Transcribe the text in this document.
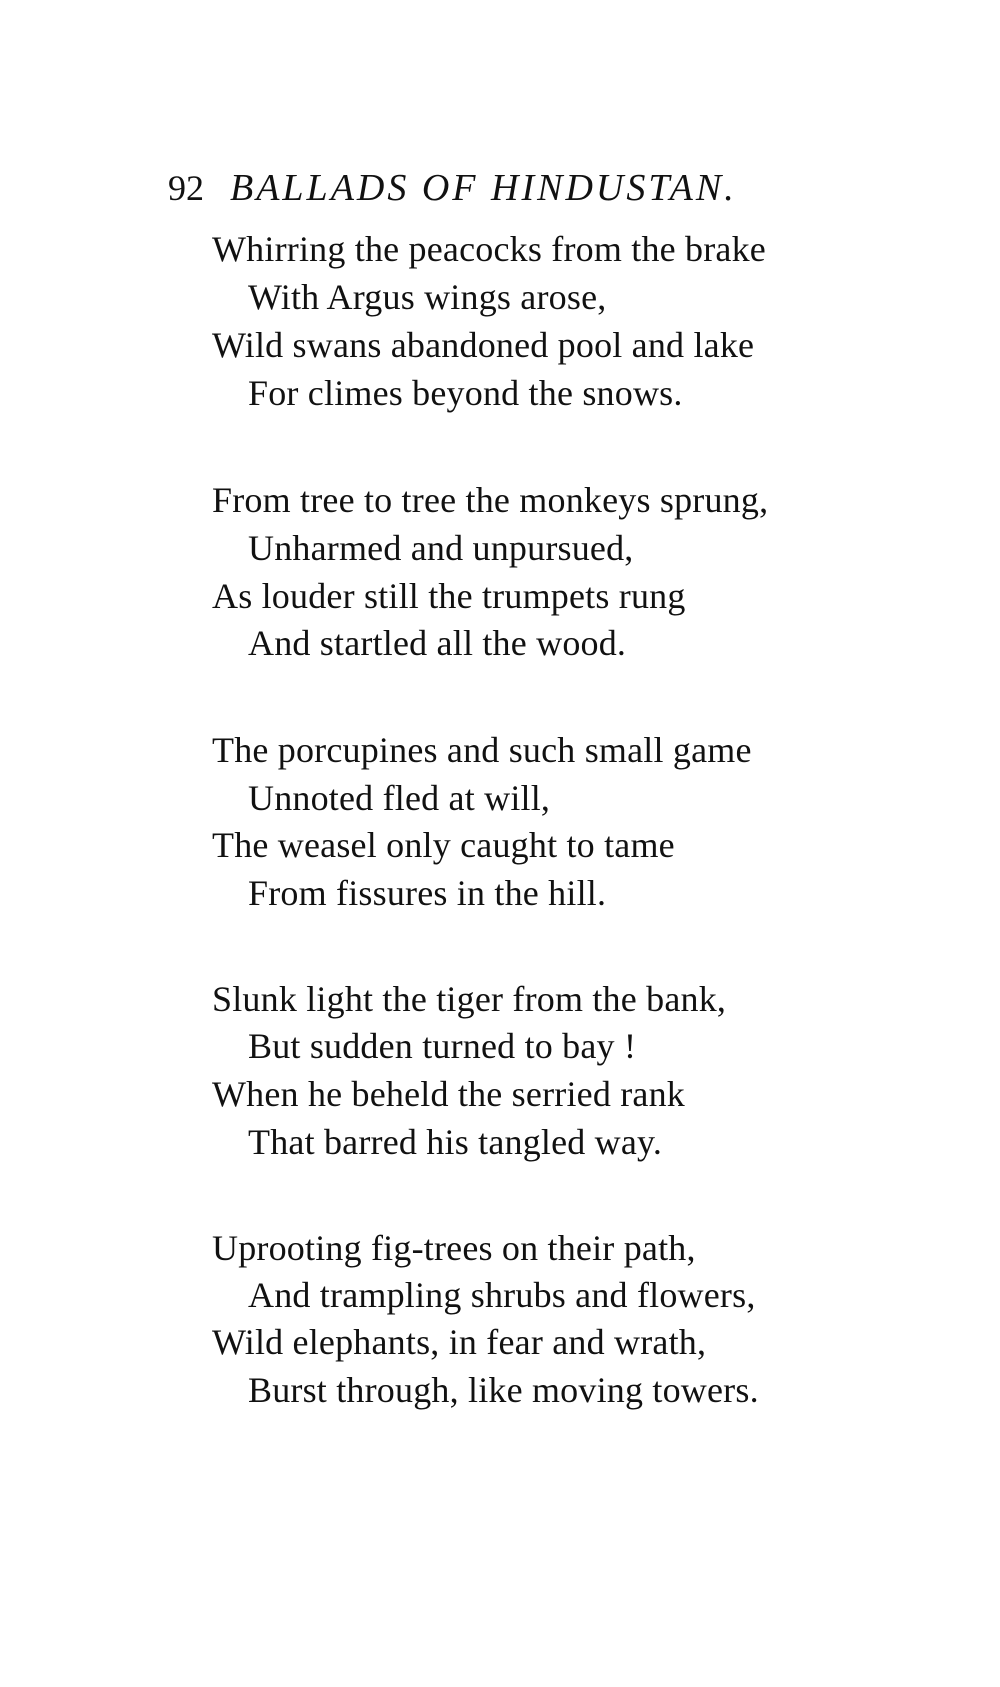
92 BALLADS OF HINDUSTAN.
Whirring the peacocks from the brake
With Argus wings arose,
Wild swans abandoned pool and lake
For climes beyond the snows.
From tree to tree the monkeys sprung,
Unharmed and unpursued,
As louder still the trumpets rung
And startled all the wood.
The porcupines and such small game
Unnoted fled at will,
The weasel only caught to tame
From fissures in the hill.
Slunk light the tiger from the bank,
But sudden turned to bay !
When he beheld the serried rank
That barred his tangled way.
Uprooting fig-trees on their path,
And trampling shrubs and flowers,
Wild elephants, in fear and wrath,
Burst through, like moving towers.
